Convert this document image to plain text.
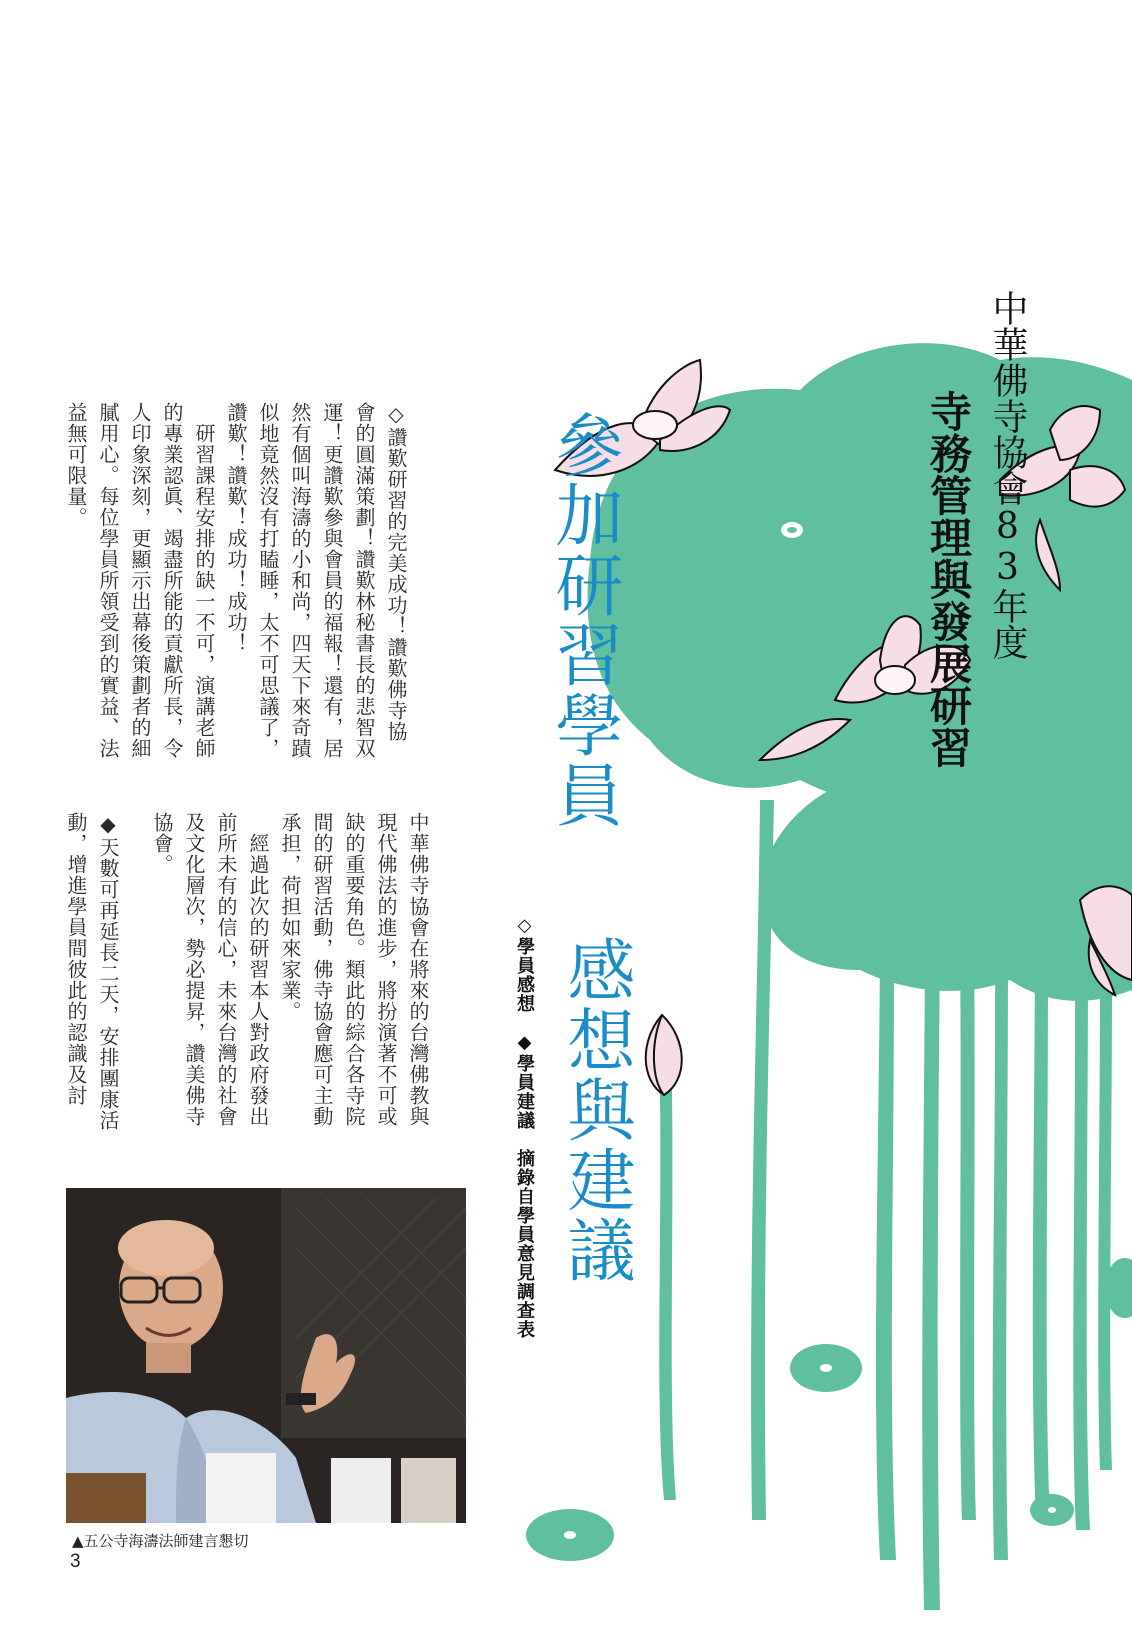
中華佛寺協會83年度
寺務管理與發展研習
參加研習學員
感想與建議
◇學員感想　◆學員建議　摘錄自學員意見調查表
◇讚歎研習的完美成功！讚歎佛寺協會的圓滿策劃！讚歎林秘書長的悲智双運！更讚歎參與會員的福報！還有，居然有個叫海濤的小和尚，四天下來奇蹟似地竟然沒有打瞌睡，太不可思議了，讚歎！讚歎！成功！成功！
　研習課程安排的缺一不可，演講老師的專業認眞、竭盡所能的貢獻所長，令人印象深刻，更顯示出幕後策劃者的細膩用心。每位學員所領受到的實益、法益無可限量。
中華佛寺協會在將來的台灣佛教與現代佛法的進步，將扮演著不可或缺的重要角色。類此的綜合各寺院間的研習活動，佛寺協會應可主動承担，荷担如來家業。
　經過此次的研習本人對政府發出前所未有的信心，未來台灣的社會及文化層次，勢必提昇，讚美佛寺協會。
◆天數可再延長二天，安排團康活動，增進學員間彼此的認識及討
▲五公寺海濤法師建言懇切
3
